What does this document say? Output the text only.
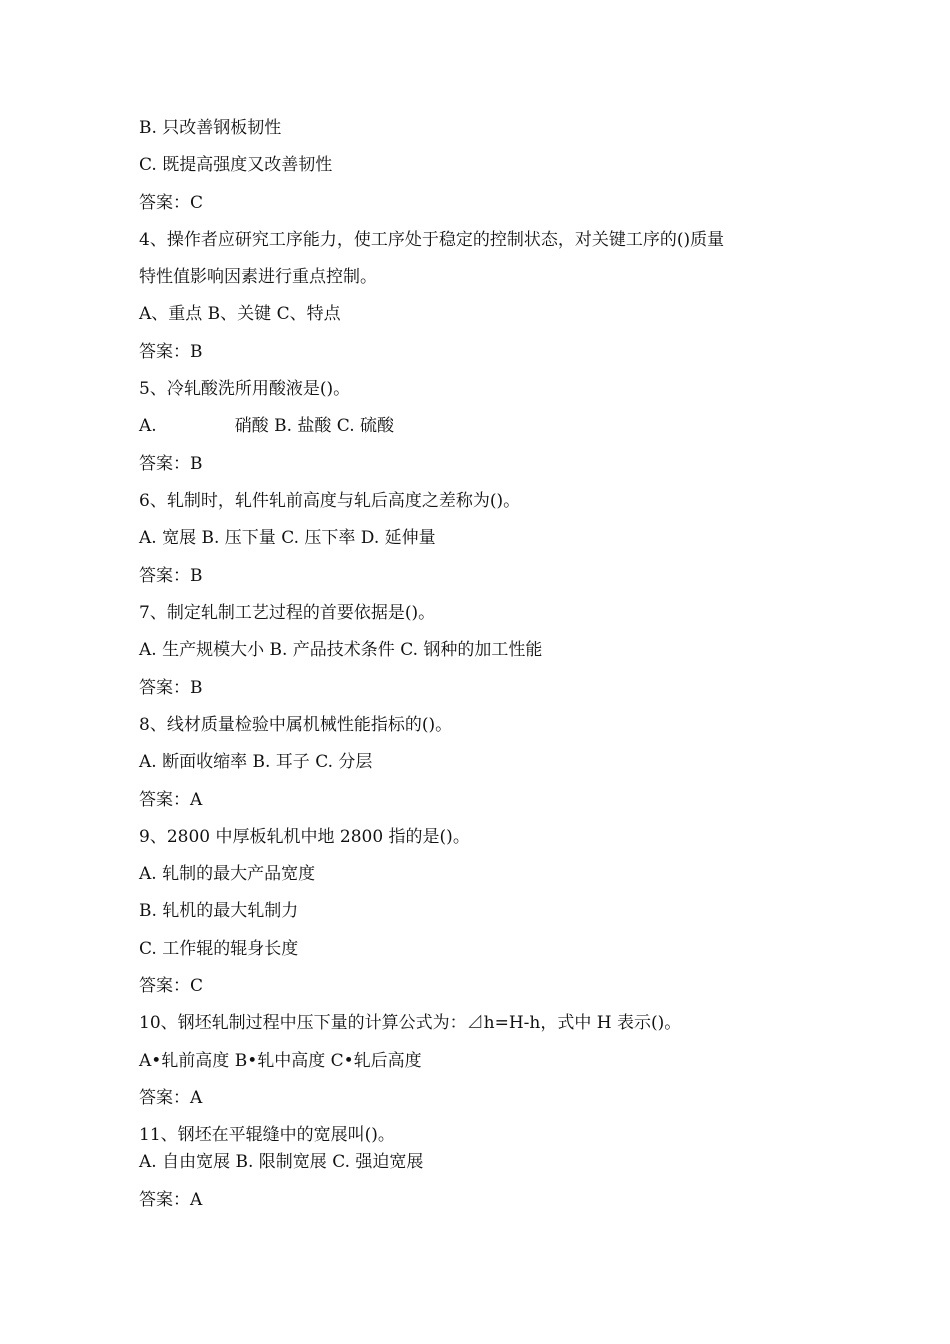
B. 只改善钢板韧性
C. 既提高强度又改善韧性
答案：C
4、操作者应研究工序能力，使工序处于稳定的控制状态，对关键工序的()质量
特性值影响因素进行重点控制。
A、重点 B、关键 C、特点
答案：B
5、冷轧酸洗所用酸液是()。
A.	硝酸 B. 盐酸 C. 硫酸
答案：B
6、轧制时，轧件轧前高度与轧后高度之差称为()。
A. 宽展 B. 压下量 C. 压下率 D. 延伸量
答案：B
7、制定轧制工艺过程的首要依据是()。
A. 生产规模大小 B. 产品技术条件 C. 钢种的加工性能
答案：B
8、线材质量检验中属机械性能指标的()。
A. 断面收缩率 B. 耳子 C. 分层
答案：A
9、2800 中厚板轧机中地 2800 指的是()。
A. 轧制的最大产品宽度
B. 轧机的最大轧制力
C. 工作辊的辊身长度
答案：C
10、钢坯轧制过程中压下量的计算公式为：⊿h=H-h，式中 H 表示()。
A•轧前高度 B•轧中高度 C•轧后高度
答案：A
11、钢坯在平辊缝中的宽展叫()。
A. 自由宽展 B. 限制宽展 C. 强迫宽展
答案：A
